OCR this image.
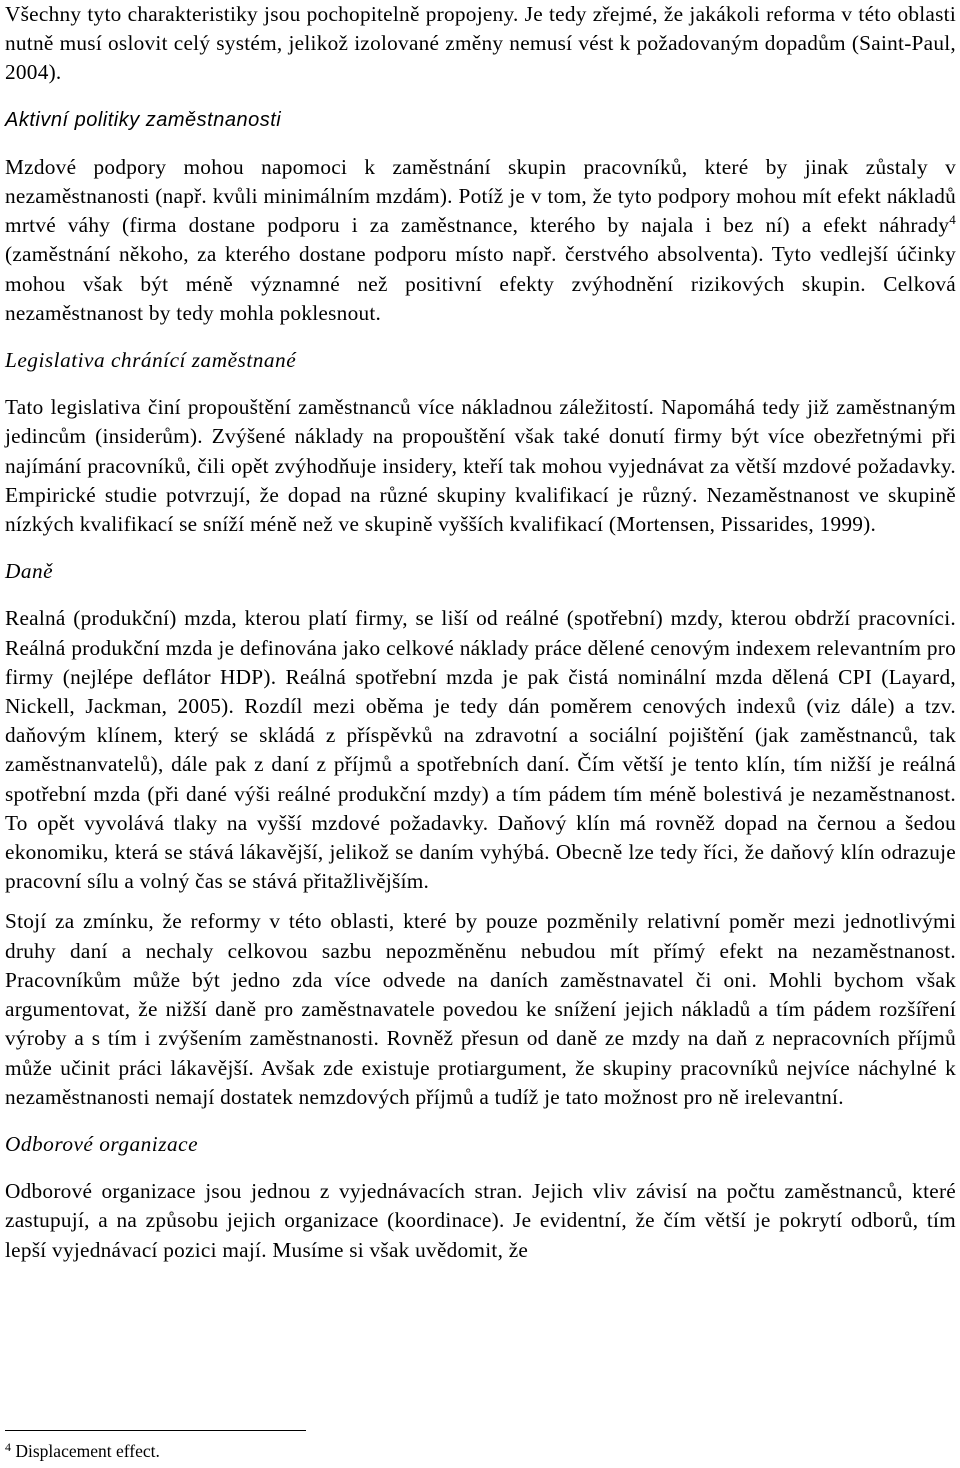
Všechny tyto charakteristiky jsou pochopitelně propojeny. Je tedy zřejmé, že jakákoli reforma v této oblasti nutně musí oslovit celý systém, jelikož izolované změny nemusí vést k požadovaným dopadům (Saint-Paul, 2004).

Aktivní politiky zaměstnanosti

Mzdové podpory mohou napomoci k zaměstnání skupin pracovníků, které by jinak zůstaly v nezaměstnanosti (např. kvůli minimálním mzdám). Potíž je v tom, že tyto podpory mohou mít efekt nákladů mrtvé váhy (firma dostane podporu i za zaměstnance, kterého by najala i bez ní) a efekt náhrady$^4$ (zaměstnání někoho, za kterého dostane podporu místo např. čerstvého absolventa). Tyto vedlejší účinky mohou však být méně významné než positivní efekty zvýhodnění rizikových skupin. Celková nezaměstnanost by tedy mohla poklesnout.

Legislativa chránící zaměstnané

Tato legislativa činí propouštění zaměstnanců více nákladnou záležitostí. Napomáhá tedy již zaměstnaným jedincům (insiderům). Zvýšené náklady na propouštění však také donutí firmy být více obezřetnými při najímání pracovníků, čili opět zvýhodňuje insidery, kteří tak mohou vyjednávat za větší mzdové požadavky. Empirické studie potvrzují, že dopad na různé skupiny kvalifikací je různý. Nezaměstnanost ve skupině nízkých kvalifikací se sníží méně než ve skupině vyšších kvalifikací (Mortensen, Pissarides, 1999).

Daně

Realná (produkční) mzda, kterou platí firmy, se liší od reálné (spotřební) mzdy, kterou obdrží pracovníci. Reálná produkční mzda je definována jako celkové náklady práce dělené cenovým indexem relevantním pro firmy (nejlépe deflátor HDP). Reálná spotřební mzda je pak čistá nominální mzda dělená CPI (Layard, Nickell, Jackman, 2005). Rozdíl mezi oběma je tedy dán poměrem cenových indexů (viz dále) a tzv. daňovým klínem, který se skládá z příspěvků na zdravotní a sociální pojištění (jak zaměstnanců, tak zaměstnanvatelů), dále pak z daní z příjmů a spotřebních daní. Čím větší je tento klín, tím nižší je reálná spotřební mzda (při dané výši reálné produkční mzdy) a tím pádem tím méně bolestivá je nezaměstnanost. To opět vyvolává tlaky na vyšší mzdové požadavky. Daňový klín má rovněž dopad na černou a šedou ekonomiku, která se stává lákavější, jelikož se daním vyhýbá. Obecně lze tedy říci, že daňový klín odrazuje pracovní sílu a volný čas se stává přitažlivějším.

Stojí za zmínku, že reformy v této oblasti, které by pouze pozměnily relativní poměr mezi jednotlivými druhy daní a nechaly celkovou sazbu nepozměněnu nebudou mít přímý efekt na nezaměstnanost. Pracovníkům může být jedno zda více odvede na daních zaměstnavatel či oni. Mohli bychom však argumentovat, že nižší daně pro zaměstnavatele povedou ke snížení jejich nákladů a tím pádem rozšíření výroby a s tím i zvýšením zaměstnanosti. Rovněž přesun od daně ze mzdy na daň z nepracovních příjmů může učinit práci lákavější. Avšak zde existuje protiargument, že skupiny pracovníků nejvíce náchylné k nezaměstnanosti nemají dostatek nemzdových příjmů a tudíž je tato možnost pro ně irelevantní.

Odborové organizace

Odborové organizace jsou jednou z vyjednávacích stran. Jejich vliv závisí na počtu zaměstnanců, které zastupují, a na způsobu jejich organizace (koordinace). Je evidentní, že čím větší je pokrytí odborů, tím lepší vyjednávací pozici mají. Musíme si však uvědomit, že

$^4$ Displacement effect.
